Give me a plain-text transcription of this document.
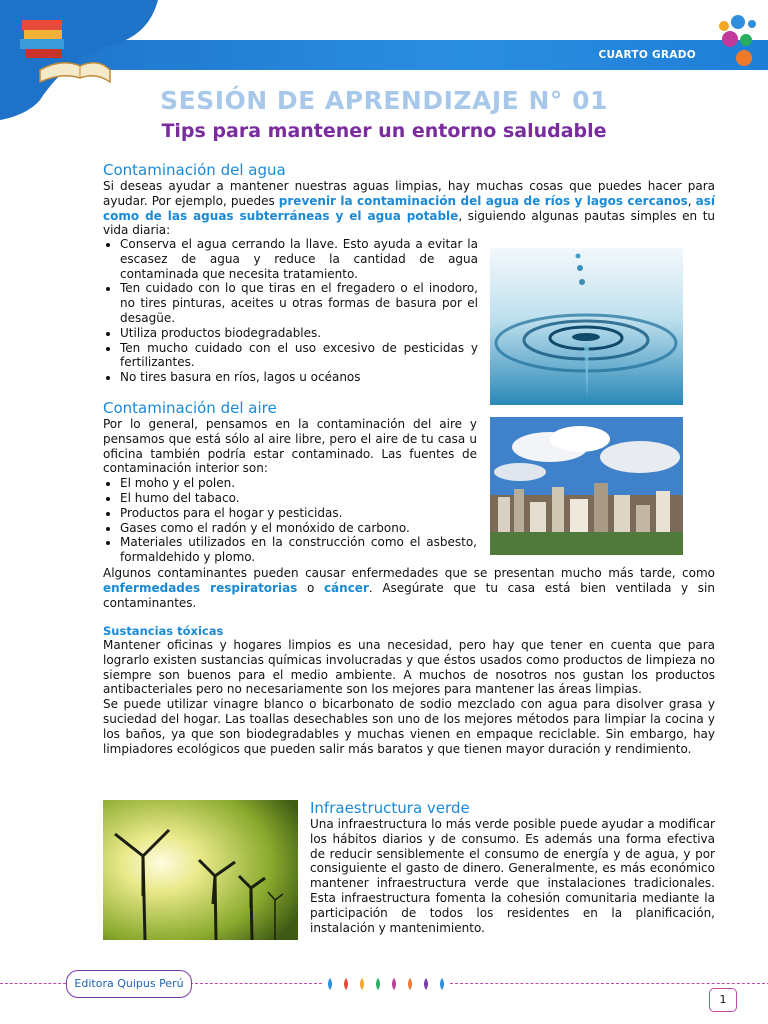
CUARTO GRADO
SESIÓN DE APRENDIZAJE N° 01
Tips para mantener un entorno saludable
Contaminación del agua

Si deseas ayudar a mantener nuestras aguas limpias, hay muchas cosas que puedes hacer para ayudar. Por ejemplo, puedes prevenir la contaminación del agua de ríos y lagos cercanos, así como de las aguas subterráneas y el agua potable, siguiendo algunas pautas simples en tu vida diaria:

• Conserva el agua cerrando la llave. Esto ayuda a evitar la escasez de agua y reduce la cantidad de agua contaminada que necesita tratamiento.
• Ten cuidado con lo que tiras en el fregadero o el inodoro, no tires pinturas, aceites u otras formas de basura por el desagüe.
• Utiliza productos biodegradables.
• Ten mucho cuidado con el uso excesivo de pesticidas y fertilizantes.
• No tires basura en ríos, lagos u océanos
Contaminación del aire

Por lo general, pensamos en la contaminación del aire y pensamos que está sólo al aire libre, pero el aire de tu casa u oficina también podría estar contaminado. Las fuentes de contaminación interior son:

• El moho y el polen.
• El humo del tabaco.
• Productos para el hogar y pesticidas.
• Gases como el radón y el monóxido de carbono.
• Materiales utilizados en la construcción como el asbesto, formaldehido y plomo.

Algunos contaminantes pueden causar enfermedades que se presentan mucho más tarde, como enfermedades respiratorias o cáncer. Asegúrate que tu casa está bien ventilada y sin contaminantes.

Sustancias tóxicas

Mantener oficinas y hogares limpios es una necesidad, pero hay que tener en cuenta que para lograrlo existen sustancias químicas involucradas y que éstos usados como productos de limpieza no siempre son buenos para el medio ambiente. A muchos de nosotros nos gustan los productos antibacteriales pero no necesariamente son los mejores para mantener las áreas limpias.

Se puede utilizar vinagre blanco o bicarbonato de sodio mezclado con agua para disolver grasa y suciedad del hogar. Las toallas desechables son uno de los mejores métodos para limpiar la cocina y los baños, ya que son biodegradables y muchas vienen en empaque reciclable. Sin embargo, hay limpiadores ecológicos que pueden salir más baratos y que tienen mayor duración y rendimiento.

Infraestructura verde

Una infraestructura lo más verde posible puede ayudar a modificar los hábitos diarios y de consumo. Es además una forma efectiva de reducir sensiblemente el consumo de energía y de agua, y por consiguiente el gasto de dinero. Generalmente, es más económico mantener infraestructura verde que instalaciones tradicionales. Esta infraestructura fomenta la cohesión comunitaria mediante la participación de todos los residentes en la planificación, instalación y mantenimiento.

Editora Quipus Perú
1
